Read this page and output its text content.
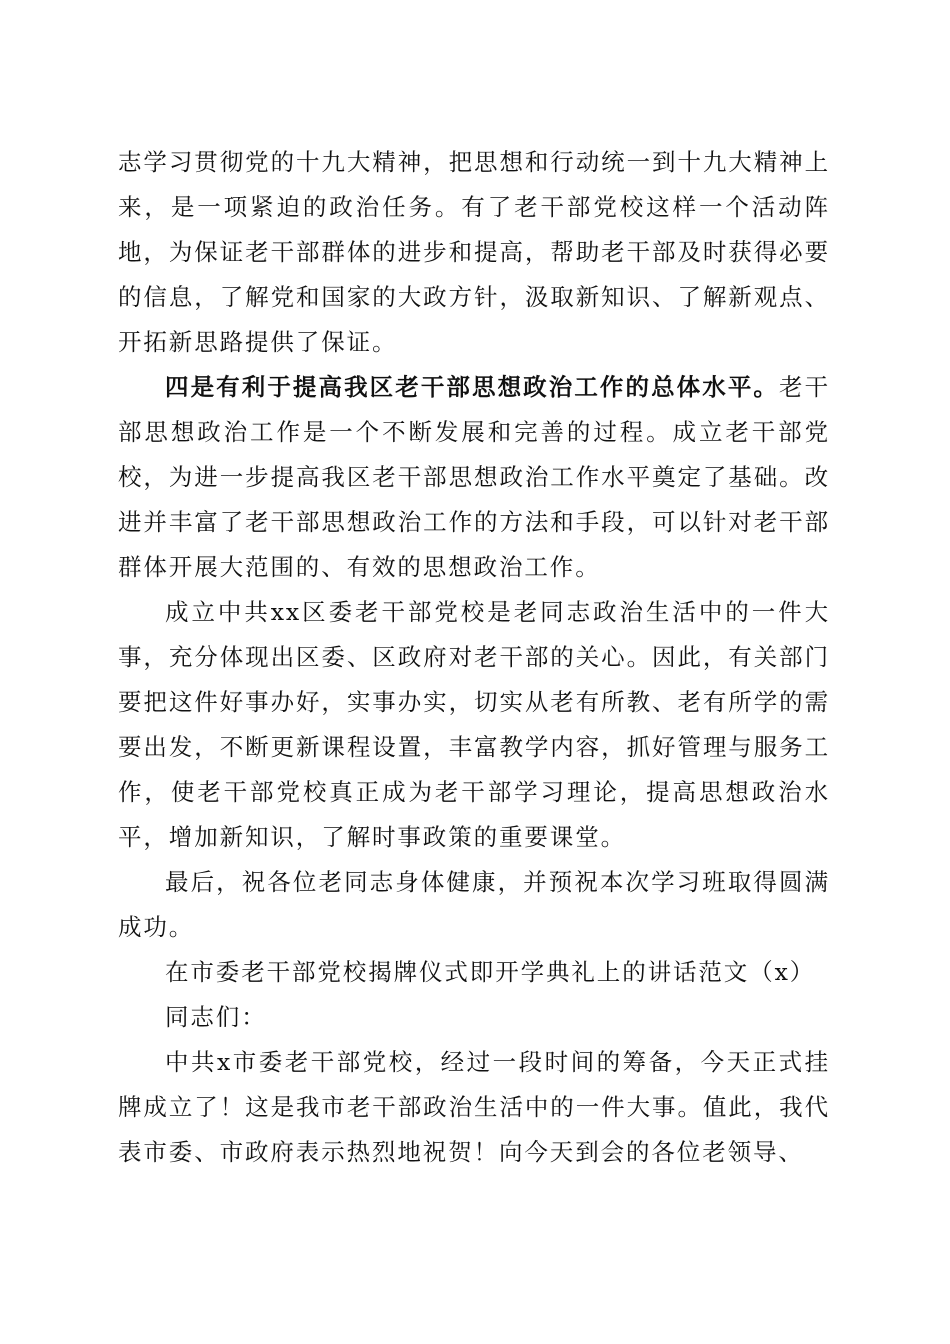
志学习贯彻党的十九大精神，把思想和行动统一到十九大精神上来，是一项紧迫的政治任务。有了老干部党校这样一个活动阵地，为保证老干部群体的进步和提高，帮助老干部及时获得必要的信息，了解党和国家的大政方针，汲取新知识、了解新观点、开拓新思路提供了保证。

四是有利于提高我区老干部思想政治工作的总体水平。老干部思想政治工作是一个不断发展和完善的过程。成立老干部党校，为进一步提高我区老干部思想政治工作水平奠定了基础。改进并丰富了老干部思想政治工作的方法和手段，可以针对老干部群体开展大范围的、有效的思想政治工作。

成立中共xx区委老干部党校是老同志政治生活中的一件大事，充分体现出区委、区政府对老干部的关心。因此，有关部门要把这件好事办好，实事办实，切实从老有所教、老有所学的需要出发，不断更新课程设置，丰富教学内容，抓好管理与服务工作，使老干部党校真正成为老干部学习理论，提高思想政治水平，增加新知识，了解时事政策的重要课堂。

最后，祝各位老同志身体健康，并预祝本次学习班取得圆满成功。

在市委老干部党校揭牌仪式即开学典礼上的讲话范文（x）

同志们：

中共x市委老干部党校，经过一段时间的筹备，今天正式挂牌成立了！这是我市老干部政治生活中的一件大事。值此，我代表市委、市政府表示热烈地祝贺！向今天到会的各位老领导、
